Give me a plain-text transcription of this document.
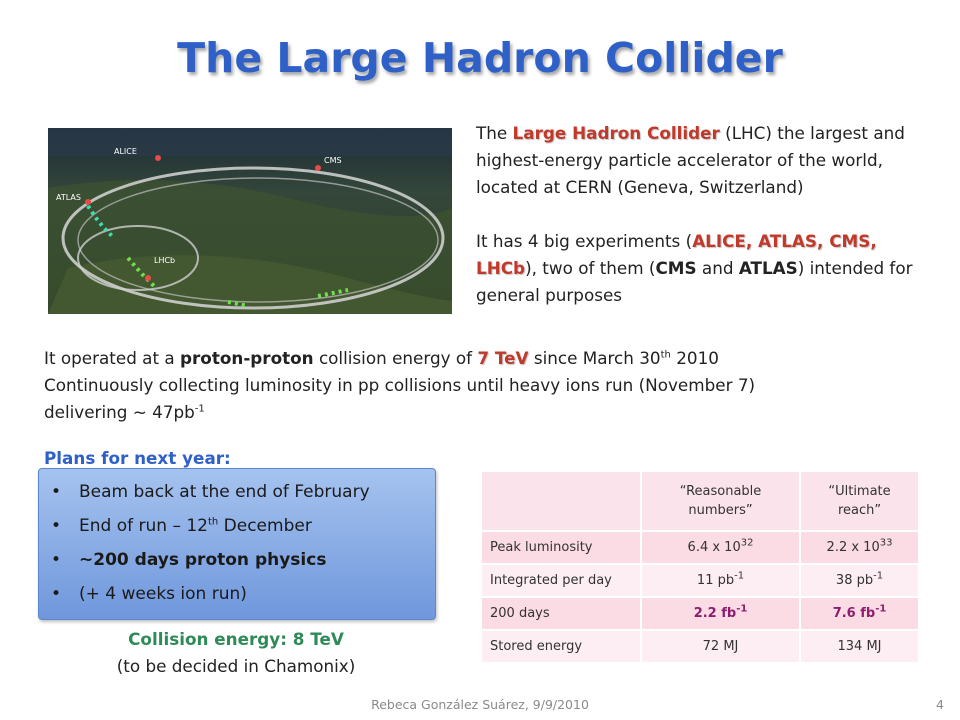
The Large Hadron Collider
ALICE
CMS
ATLAS
LHCb

The Large Hadron Collider (LHC) the largest and highest-energy particle accelerator of the world, located at CERN (Geneva, Switzerland)

It has 4 big experiments (ALICE, ATLAS, CMS, LHCb), two of them (CMS and ATLAS) intended for general purposes

It operated at a proton-proton collision energy of 7 TeV since March 30th 2010

Continuously collecting luminosity in pp collisions until heavy ions run (November 7)

delivering ~ $47pb^{-1}$

Plans for next year:
• Beam back at the end of February
• End of run – 12th December
• ~200 days proton physics
• (+ 4 weeks ion run)

Collision energy: 8 TeV

(to be decided in Chamonix)

	“Reasonable numbers”	“Ultimate reach”
Peak luminosity	6.4 x $10^{32}$	2.2 x $10^{33}$
Integrated per day	11 $pb^{-1}$	38 $pb^{-1}$
200 days	2.2 $fb^{-1}$	7.6 $fb^{-1}$
Stored energy	72 MJ	134 MJ
Rebeca González Suárez, 9/9/2010	4
